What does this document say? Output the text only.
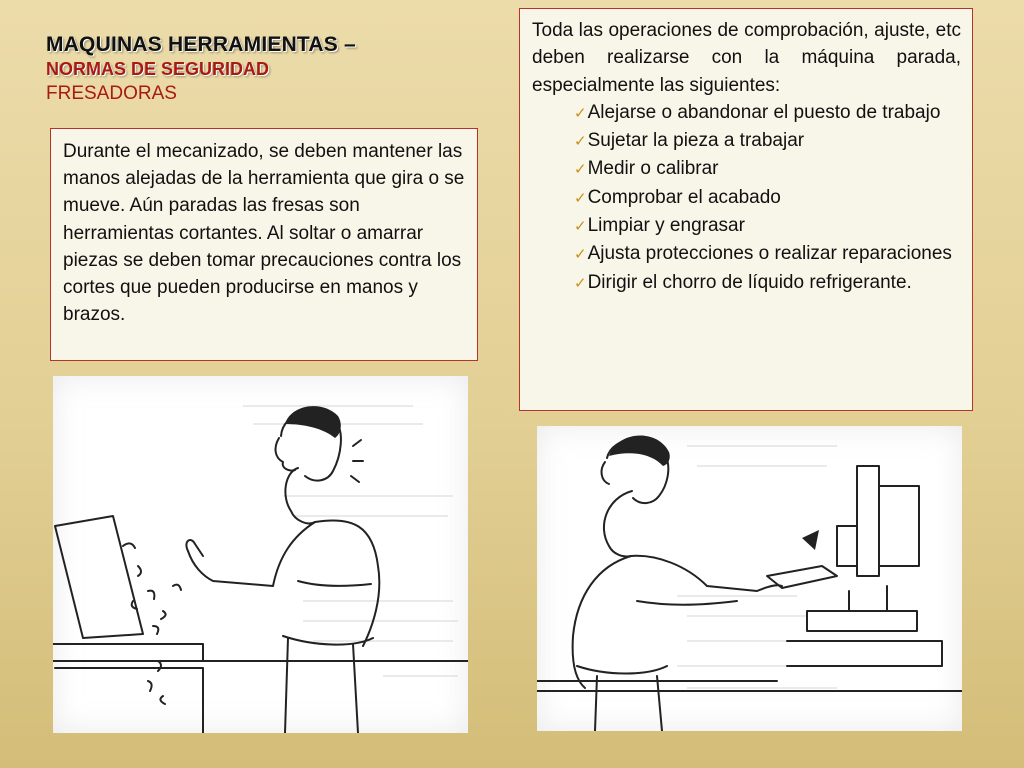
MAQUINAS HERRAMIENTAS –
NORMAS DE SEGURIDAD
FRESADORAS
Durante el mecanizado, se deben mantener las manos alejadas de la herramienta que gira o se mueve. Aún paradas las fresas son herramientas cortantes. Al soltar o amarrar piezas se deben tomar precauciones contra los cortes que pueden producirse en manos y brazos.
Toda las operaciones de comprobación, ajuste, etc deben realizarse con la máquina parada, especialmente las siguientes:
✓Alejarse o abandonar el puesto de trabajo
✓Sujetar la pieza a trabajar
✓Medir o calibrar
✓Comprobar el acabado
✓Limpiar y engrasar
✓Ajusta protecciones o realizar reparaciones
✓Dirigir el chorro de líquido refrigerante.
